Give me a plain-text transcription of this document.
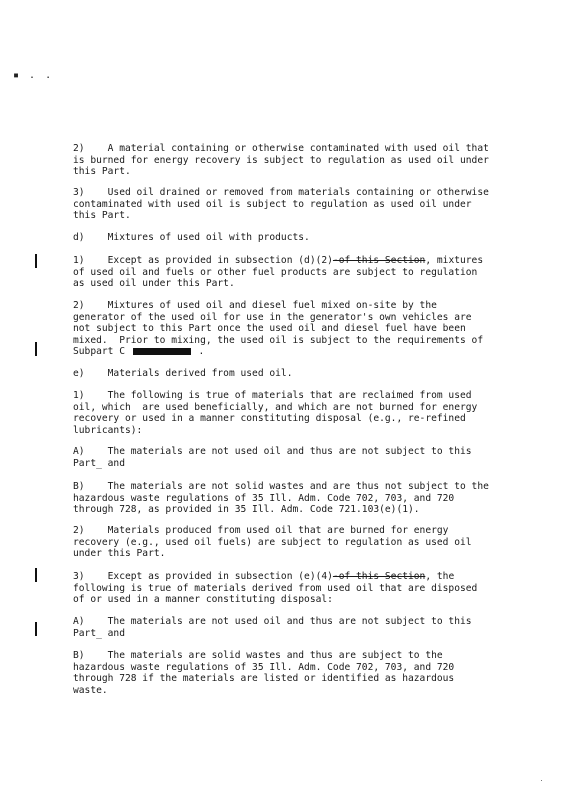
▪ . .
2)    A material containing or otherwise contaminated with used oil that
is burned for energy recovery is subject to regulation as used oil under
this Part.
3)    Used oil drained or removed from materials containing or otherwise
contaminated with used oil is subject to regulation as used oil under
this Part.
d)    Mixtures of used oil with products.
1)    Except as provided in subsection (d)(2)-of this Section, mixtures
of used oil and fuels or other fuel products are subject to regulation
as used oil under this Part.
2)    Mixtures of used oil and diesel fuel mixed on-site by the
generator of the used oil for use in the generator's own vehicles are
not subject to this Part once the used oil and diesel fuel have been
mixed.  Prior to mixing, the used oil is subject to the requirements of
Subpart C	.
e)    Materials derived from used oil.
1)    The following is true of materials that are reclaimed from used
oil, which  are used beneficially, and which are not burned for energy
recovery or used in a manner constituting disposal (e.g., re-refined
lubricants):
A)    The materials are not used oil and thus are not subject to this
Part_ and
B)    The materials are not solid wastes and are thus not subject to the
hazardous waste regulations of 35 Ill. Adm. Code 702, 703, and 720
through 728, as provided in 35 Ill. Adm. Code 721.103(e)(1).
2)    Materials produced from used oil that are burned for energy
recovery (e.g., used oil fuels) are subject to regulation as used oil
under this Part.
3)    Except as provided in subsection (e)(4)-of this Section, the
following is true of materials derived from used oil that are disposed
of or used in a manner constituting disposal:
A)    The materials are not used oil and thus are not subject to this
Part_ and
B)    The materials are solid wastes and thus are subject to the
hazardous waste regulations of 35 Ill. Adm. Code 702, 703, and 720
through 728 if the materials are listed or identified as hazardous
waste.
